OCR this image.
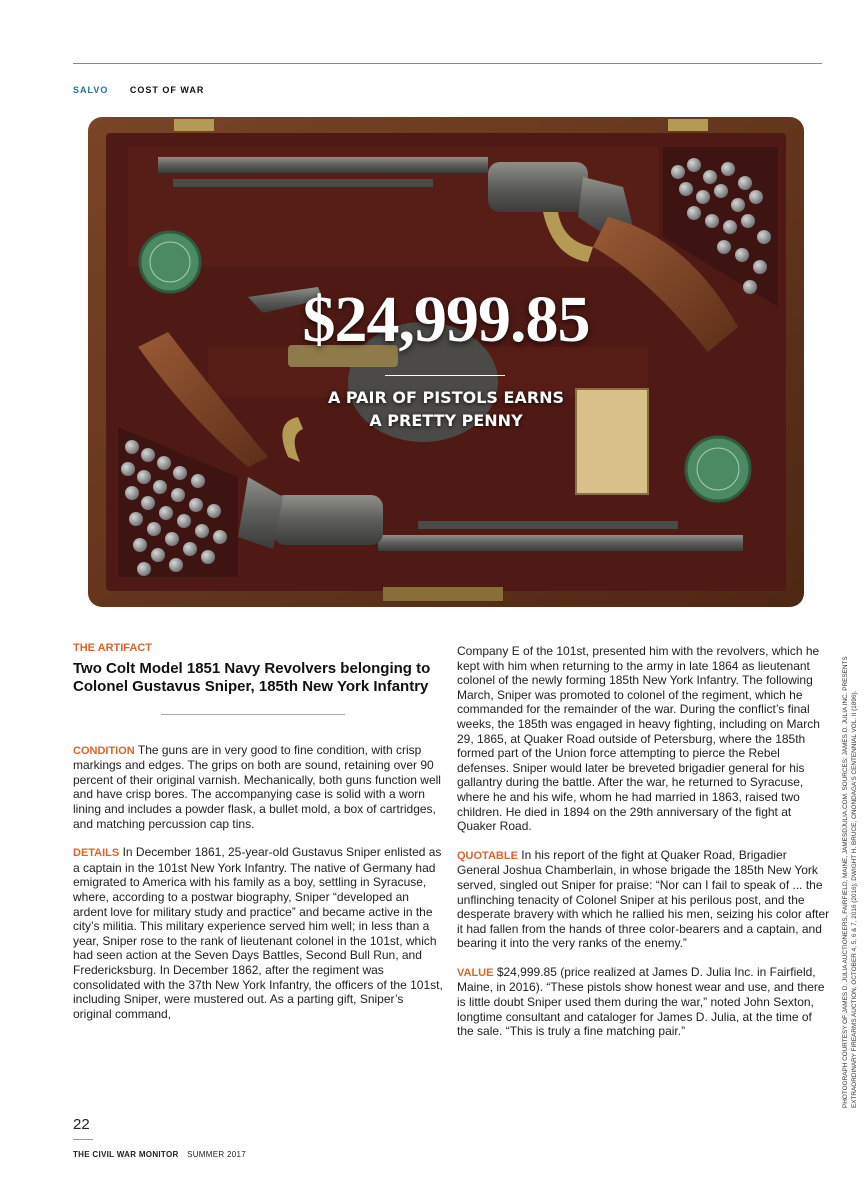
SALVO COST OF WAR
$24,999.85
A PAIR OF PISTOLS EARNS
A PRETTY PENNY
PHOTOGRAPH COURTESY OF JAMES D. JULIA AUCTIONEERS, FAIRFIELD, MAINE, JAMESDJULIA.COM. SOURCES: JAMES D. JULIA INC. PRESENTS EXTRAORDINARY FIREARMS AUCTION, OCTOBER 4, 5, 6 & 7, 2016 (2016); DWIGHT H. BRUCE, ONONDAGA'S CENTENNIAL VOL. II (1896).
THE ARTIFACT
Two Colt Model 1851 Navy Revolvers belonging to Colonel Gustavus Sniper, 185th New York Infantry

CONDITION The guns are in very good to fine condition, with crisp markings and edges. The grips on both are sound, retaining over 90 percent of their original varnish. Mechanically, both guns function well and have crisp bores. The accompanying case is solid with a worn lining and includes a powder flask, a bullet mold, a box of cartridges, and matching percussion cap tins.

DETAILS In December 1861, 25-year-old Gustavus Sniper enlisted as a captain in the 101st New York Infantry. The native of Germany had emigrated to America with his family as a boy, settling in Syracuse, where, according to a postwar biography, Sniper “developed an ardent love for military study and practice” and became active in the city’s militia. This military experience served him well; in less than a year, Sniper rose to the rank of lieutenant colonel in the 101st, which had seen action at the Seven Days Battles, Second Bull Run, and Fredericksburg. In December 1862, after the regiment was consolidated with the 37th New York Infantry, the officers of the 101st, including Sniper, were mustered out. As a parting gift, Sniper’s original command,

Company E of the 101st, presented him with the revolvers, which he kept with him when returning to the army in late 1864 as lieutenant colonel of the newly forming 185th New York Infantry. The following March, Sniper was promoted to colonel of the regiment, which he commanded for the remainder of the war. During the conflict’s final weeks, the 185th was engaged in heavy fighting, including on March 29, 1865, at Quaker Road outside of Petersburg, where the 185th formed part of the Union force attempting to pierce the Rebel defenses. Sniper would later be breveted brigadier general for his gallantry during the battle. After the war, he returned to Syracuse, where he and his wife, whom he had married in 1863, raised two children. He died in 1894 on the 29th anniversary of the fight at Quaker Road.

QUOTABLE In his report of the fight at Quaker Road, Brigadier General Joshua Chamberlain, in whose brigade the 185th New York served, singled out Sniper for praise: “Nor can I fail to speak of ... the unflinching tenacity of Colonel Sniper at his perilous post, and the desperate bravery with which he rallied his men, seizing his color after it had fallen from the hands of three color-bearers and a captain, and bearing it into the very ranks of the enemy.”

VALUE $24,999.85 (price realized at James D. Julia Inc. in Fairfield, Maine, in 2016). “These pistols show honest wear and use, and there is little doubt Sniper used them during the war,” noted John Sexton, longtime consultant and cataloger for James D. Julia, at the time of the sale. “This is truly a fine matching pair.”

22
THE CIVIL WAR MONITOR SUMMER 2017
